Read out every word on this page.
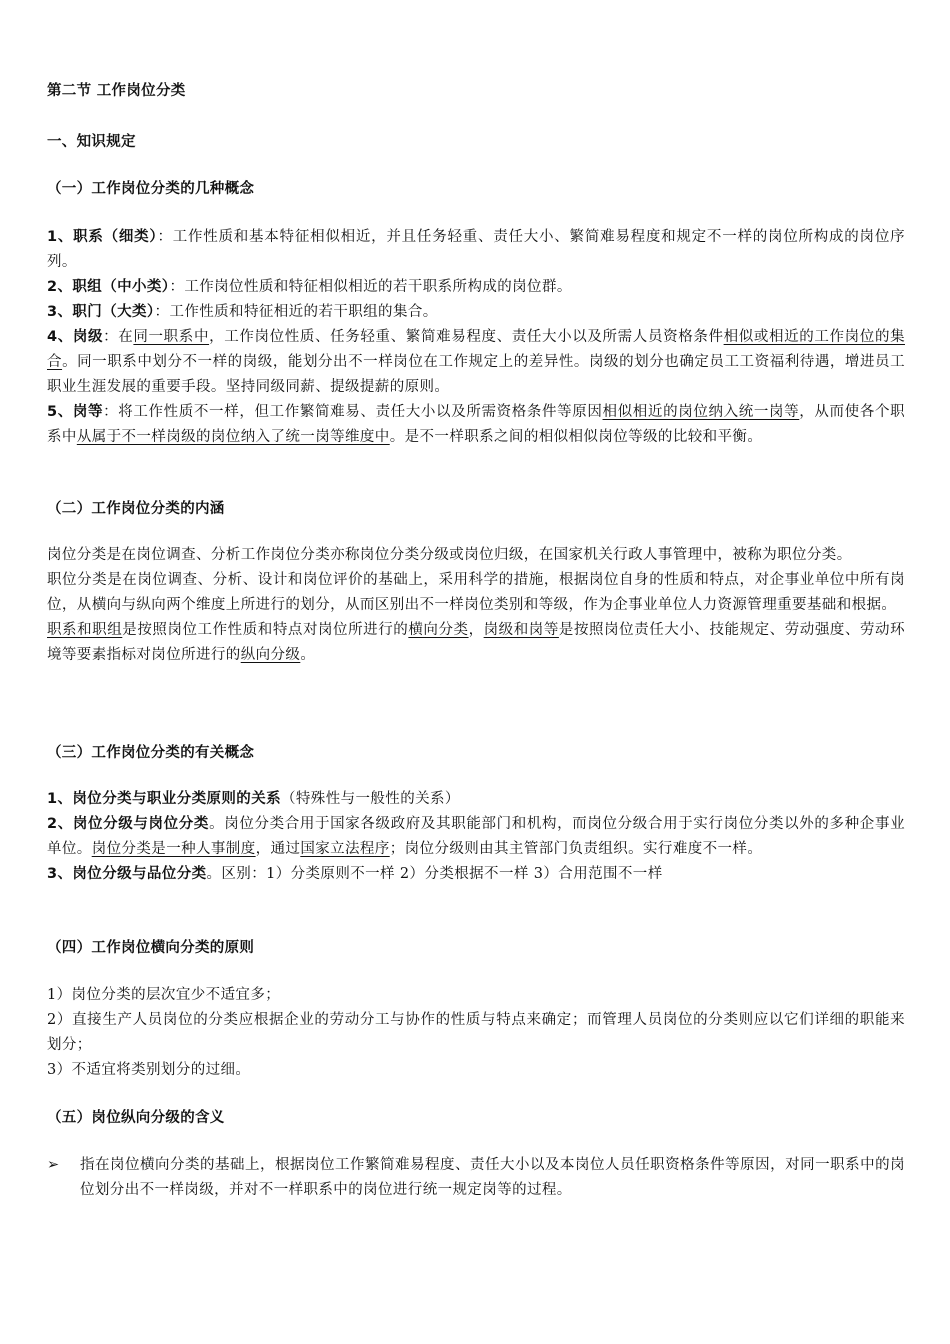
第二节 工作岗位分类
一、知识规定
（一）工作岗位分类的几种概念

1、职系（细类）：工作性质和基本特征相似相近，并且任务轻重、责任大小、繁简难易程度和规定不一样的岗位所构成的岗位序列。

2、职组（中小类）：工作岗位性质和特征相似相近的若干职系所构成的岗位群。

3、职门（大类）：工作性质和特征相近的若干职组的集合。

4、岗级：在同一职系中，工作岗位性质、任务轻重、繁简难易程度、责任大小以及所需人员资格条件相似或相近的工作岗位的集合。同一职系中划分不一样的岗级，能划分出不一样岗位在工作规定上的差异性。岗级的划分也确定员工工资福利待遇，增进员工职业生涯发展的重要手段。坚持同级同薪、提级提薪的原则。

5、岗等：将工作性质不一样，但工作繁简难易、责任大小以及所需资格条件等原因相似相近的岗位纳入统一岗等，从而使各个职系中从属于不一样岗级的岗位纳入了统一岗等维度中。是不一样职系之间的相似相似岗位等级的比较和平衡。

（二）工作岗位分类的内涵

岗位分类是在岗位调查、分析工作岗位分类亦称岗位分类分级或岗位归级，在国家机关行政人事管理中，被称为职位分类。

职位分类是在岗位调查、分析、设计和岗位评价的基础上，采用科学的措施，根据岗位自身的性质和特点，对企事业单位中所有岗位，从横向与纵向两个维度上所进行的划分，从而区别出不一样岗位类别和等级，作为企事业单位人力资源管理重要基础和根据。

职系和职组是按照岗位工作性质和特点对岗位所进行的横向分类，岗级和岗等是按照岗位责任大小、技能规定、劳动强度、劳动环境等要素指标对岗位所进行的纵向分级。

（三）工作岗位分类的有关概念

1、岗位分类与职业分类原则的关系（特殊性与一般性的关系）

2、岗位分级与岗位分类。岗位分类合用于国家各级政府及其职能部门和机构，而岗位分级合用于实行岗位分类以外的多种企事业单位。岗位分类是一种人事制度，通过国家立法程序；岗位分级则由其主管部门负责组织。实行难度不一样。

3、岗位分级与品位分类。区别：1）分类原则不一样 2）分类根据不一样 3）合用范围不一样

（四）工作岗位横向分类的原则

1）岗位分类的层次宜少不适宜多；

2）直接生产人员岗位的分类应根据企业的劳动分工与协作的性质与特点来确定；而管理人员岗位的分类则应以它们详细的职能来划分；

3）不适宜将类别划分的过细。

（五）岗位纵向分级的含义
➢ 指在岗位横向分类的基础上，根据岗位工作繁简难易程度、责任大小以及本岗位人员任职资格条件等原因，对同一职系中的岗位划分出不一样岗级，并对不一样职系中的岗位进行统一规定岗等的过程。
